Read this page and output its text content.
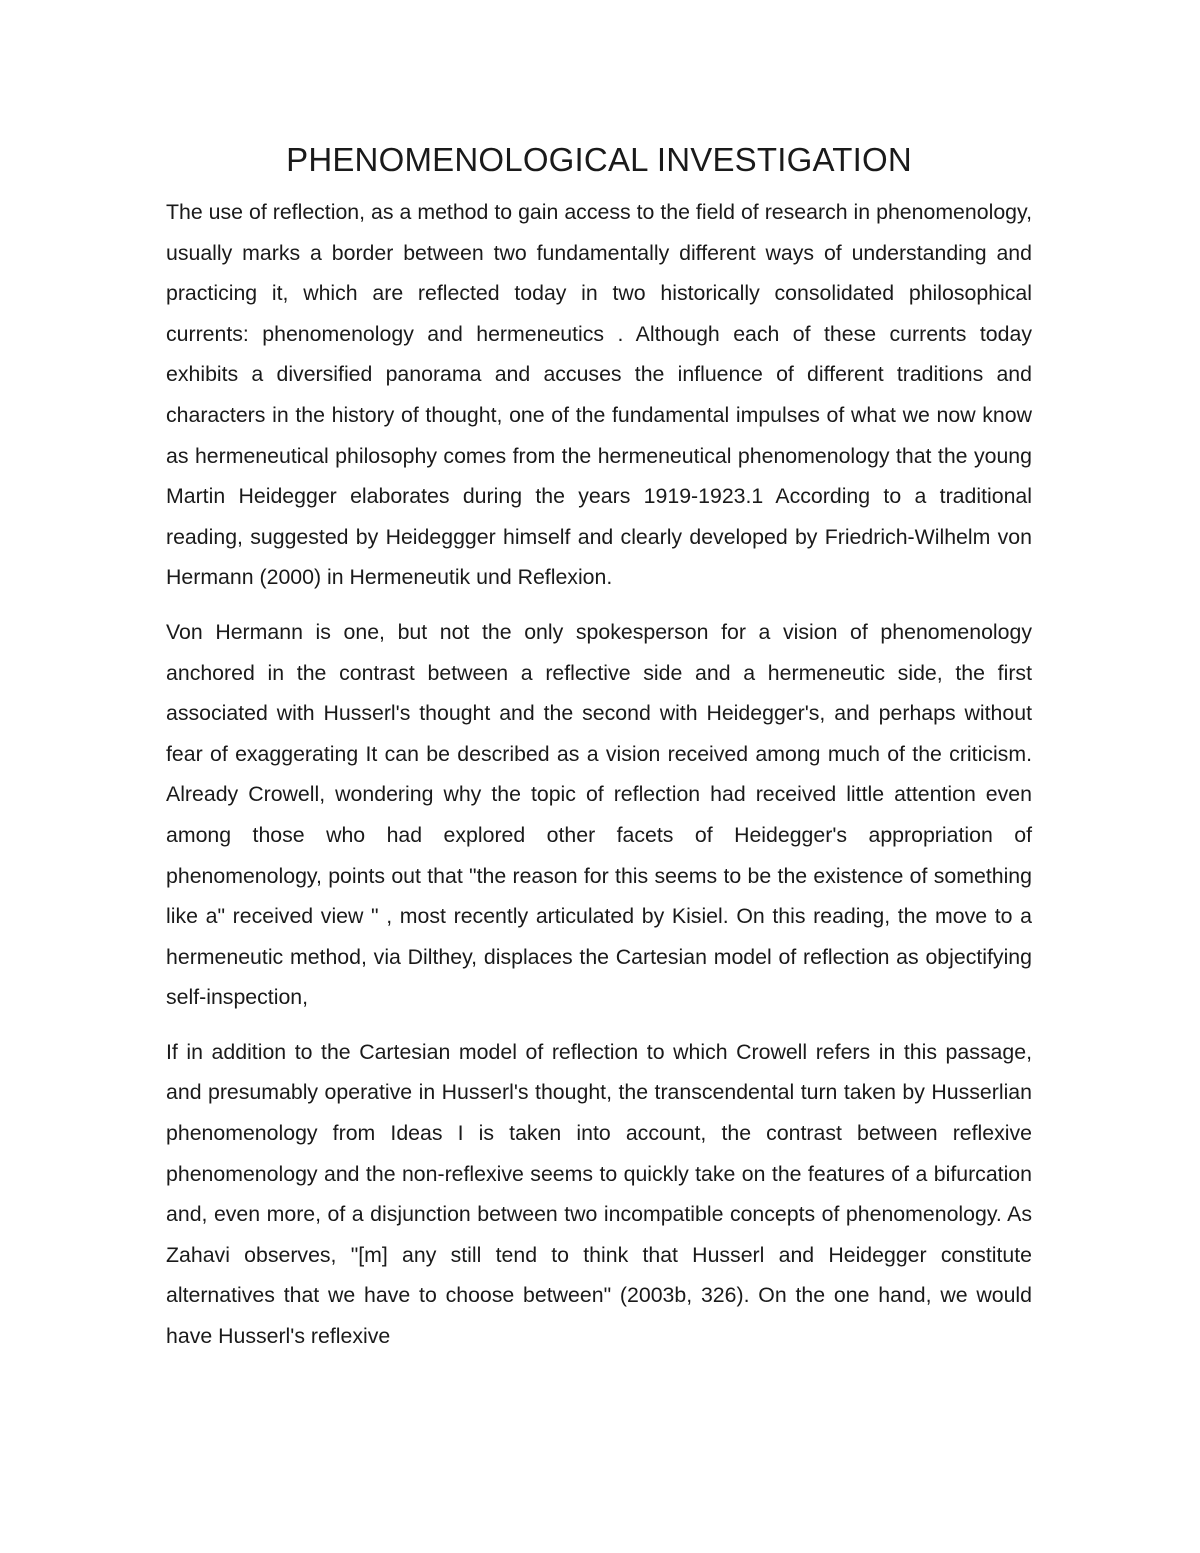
PHENOMENOLOGICAL INVESTIGATION

The use of reflection, as a method to gain access to the field of research in phenomenology, usually marks a border between two fundamentally different ways of understanding and practicing it, which are reflected today in two historically consolidated philosophical currents: phenomenology and hermeneutics . Although each of these currents today exhibits a diversified panorama and accuses the influence of different traditions and characters in the history of thought, one of the fundamental impulses of what we now know as hermeneutical philosophy comes from the hermeneutical phenomenology that the young Martin Heidegger elaborates during the years 1919-1923.1 According to a traditional reading, suggested by Heideggger himself and clearly developed by Friedrich-Wilhelm von Hermann (2000) in Hermeneutik und Reflexion.

Von Hermann is one, but not the only spokesperson for a vision of phenomenology anchored in the contrast between a reflective side and a hermeneutic side, the first associated with Husserl's thought and the second with Heidegger's, and perhaps without fear of exaggerating It can be described as a vision received among much of the criticism. Already Crowell, wondering why the topic of reflection had received little attention even among those who had explored other facets of Heidegger's appropriation of phenomenology, points out that "the reason for this seems to be the existence of something like a" received view " , most recently articulated by Kisiel. On this reading, the move to a hermeneutic method, via Dilthey, displaces the Cartesian model of reflection as objectifying self-inspection,

If in addition to the Cartesian model of reflection to which Crowell refers in this passage, and presumably operative in Husserl's thought, the transcendental turn taken by Husserlian phenomenology from Ideas I is taken into account, the contrast between reflexive phenomenology and the non-reflexive seems to quickly take on the features of a bifurcation and, even more, of a disjunction between two incompatible concepts of phenomenology. As Zahavi observes, "[m] any still tend to think that Husserl and Heidegger constitute alternatives that we have to choose between" (2003b, 326). On the one hand, we would have Husserl's reflexive
